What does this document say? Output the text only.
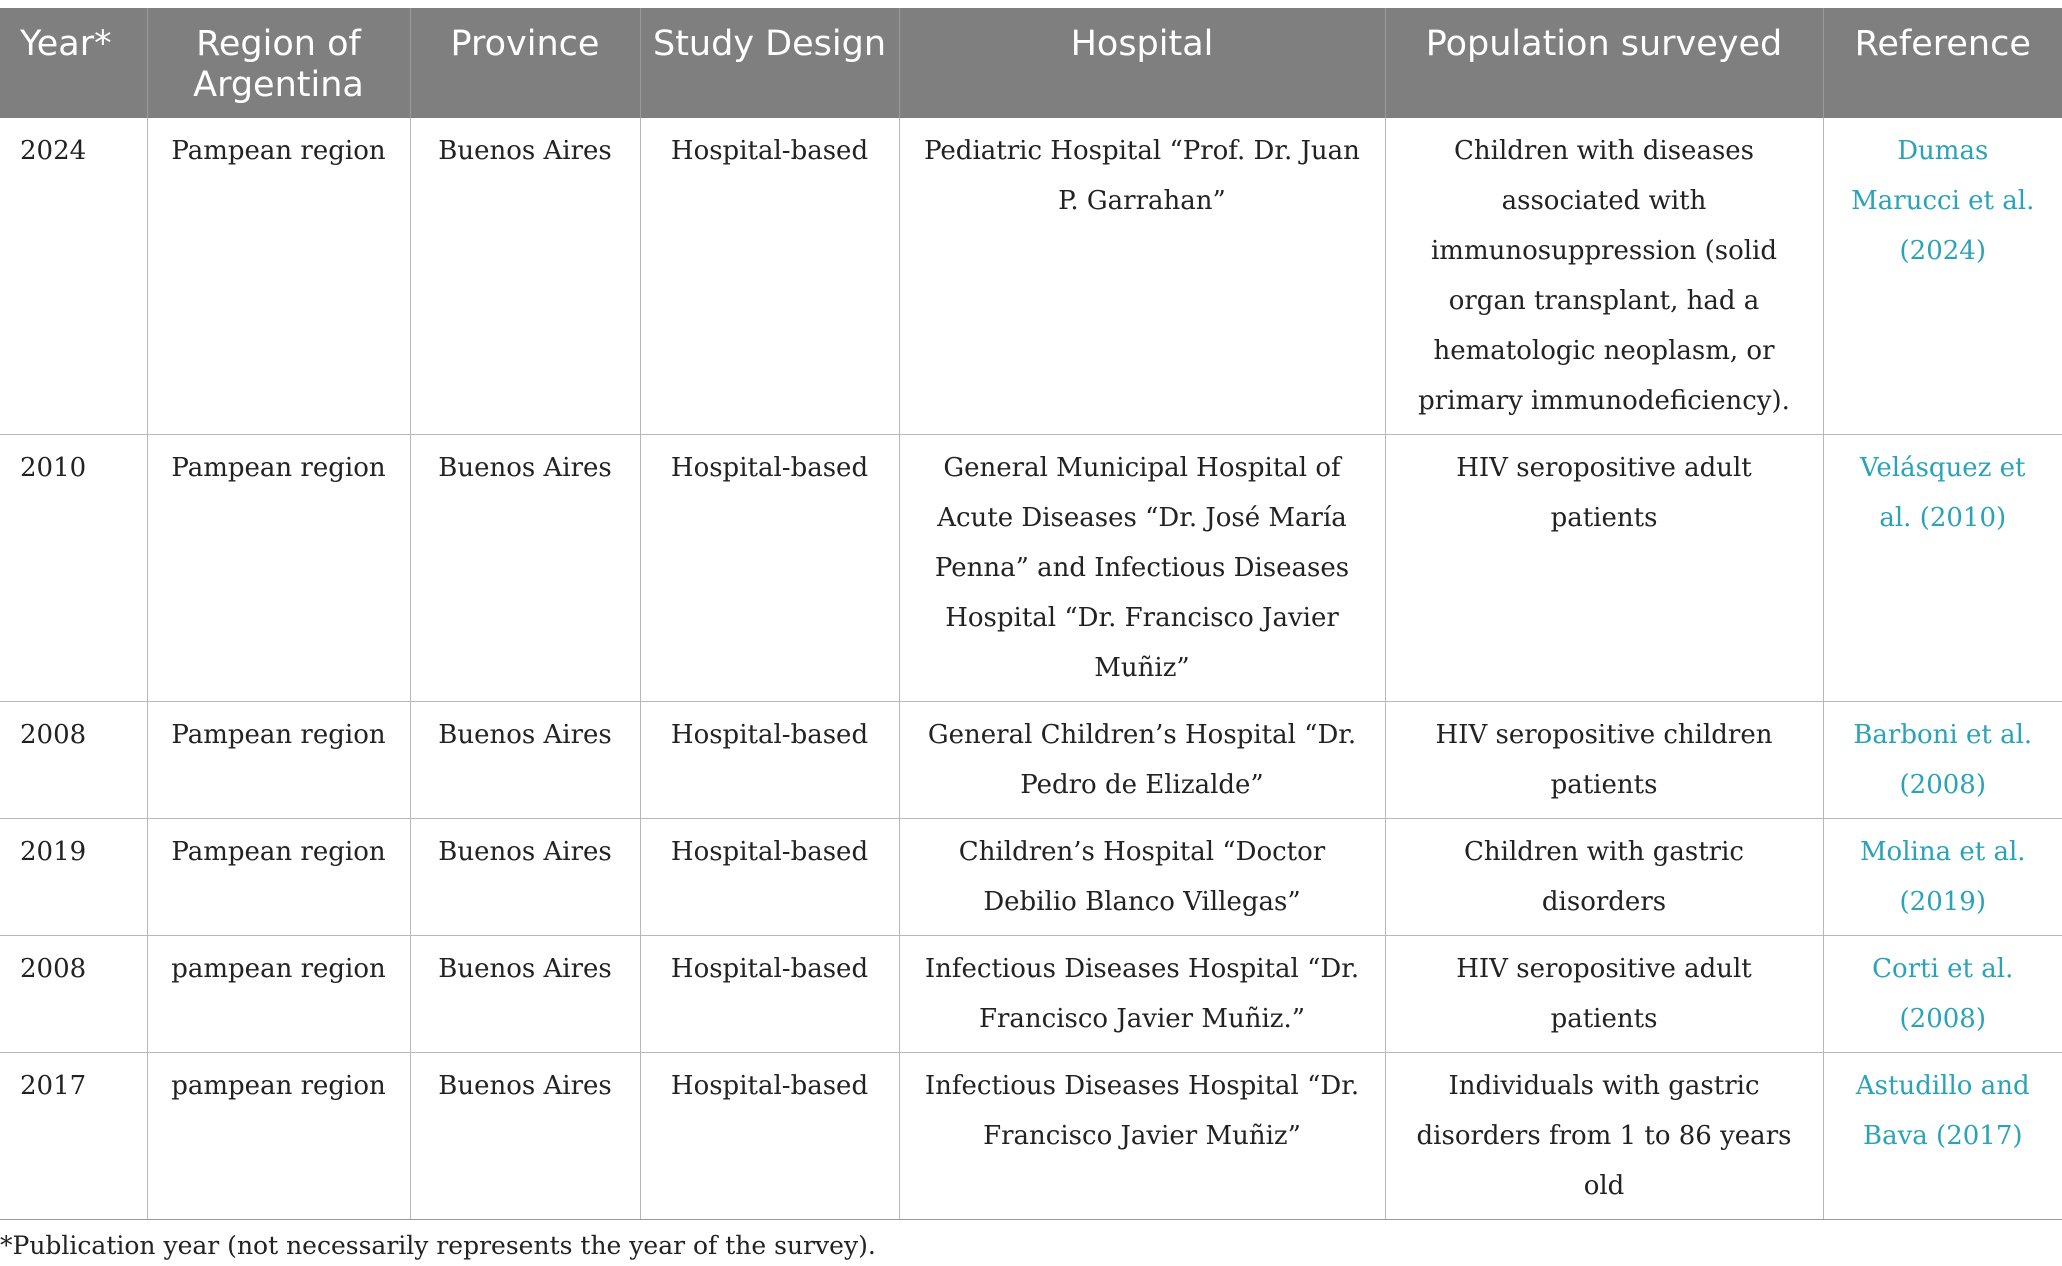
Year*	Region of Argentina	Province	Study Design	Hospital	Population surveyed	Reference
2024	Pampean region	Buenos Aires	Hospital-based	Pediatric Hospital “Prof. Dr. Juan P. Garrahan”	Children with diseases associated with immunosuppression (solid organ transplant, had a hematologic neoplasm, or primary immunodeficiency).	Dumas Marucci et al. (2024)
2010	Pampean region	Buenos Aires	Hospital-based	General Municipal Hospital of Acute Diseases “Dr. José María Penna” and Infectious Diseases Hospital “Dr. Francisco Javier Muñiz”	HIV seropositive adult patients	Velásquez et al. (2010)
2008	Pampean region	Buenos Aires	Hospital-based	General Children’s Hospital “Dr. Pedro de Elizalde”	HIV seropositive children patients	Barboni et al. (2008)
2019	Pampean region	Buenos Aires	Hospital-based	Children’s Hospital “Doctor Debilio Blanco Villegas”	Children with gastric disorders	Molina et al. (2019)
2008	pampean region	Buenos Aires	Hospital-based	Infectious Diseases Hospital “Dr. Francisco Javier Muñiz.”	HIV seropositive adult patients	Corti et al. (2008)
2017	pampean region	Buenos Aires	Hospital-based	Infectious Diseases Hospital “Dr. Francisco Javier Muñiz”	Individuals with gastric disorders from 1 to 86 years old	Astudillo and Bava (2017)
*Publication year (not necessarily represents the year of the survey).
